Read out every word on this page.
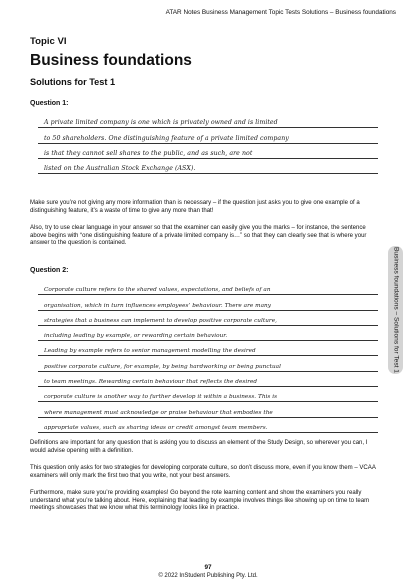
ATAR Notes Business Management Topic Tests Solutions – Business foundations
Topic VI
Business foundations
Solutions for Test 1
Question 1:
A private limited company is one which is privately owned and is limited
to 50 shareholders. One distinguishing feature of a private limited company
is that they cannot sell shares to the public, and as such, are not
listed on the Australian Stock Exchange (ASX).

Make sure you’re not giving any more information than is necessary – if the question just asks you to give one example of a distinguishing feature, it’s a waste of time to give any more than that!

Also, try to use clear language in your answer so that the examiner can easily give you the marks – for instance, the sentence above begins with “one distinguishing feature of a private limited company is…” so that they can clearly see that is where your answer to the question is contained.

Question 2:
Corporate culture refers to the shared values, expectations, and beliefs of an
organisation, which in turn influences employees’ behaviour. There are many
strategies that a business can implement to develop positive corporate culture,
including leading by example, or rewarding certain behaviour.
Leading by example refers to senior management modelling the desired
positive corporate culture, for example, by being hardworking or being punctual
to team meetings. Rewarding certain behaviour that reflects the desired
corporate culture is another way to further develop it within a business. This is
where management must acknowledge or praise behaviour that embodies the
appropriate values, such as sharing ideas or credit amongst team members.

Definitions are important for any question that is asking you to discuss an element of the Study Design, so wherever you can, I would advise opening with a definition.

This question only asks for two strategies for developing corporate culture, so don’t discuss more, even if you know them – VCAA examiners will only mark the first two that you write, not your best answers.

Furthermore, make sure you’re providing examples! Go beyond the rote learning content and show the examiners you really understand what you’re talking about. Here, explaining that leading by example involves things like showing up on time to team meetings showcases that we know what this terminology looks like in practice.

Business foundations – Solutions for Test 1
97
© 2022 InStudent Publishing Pty. Ltd.
